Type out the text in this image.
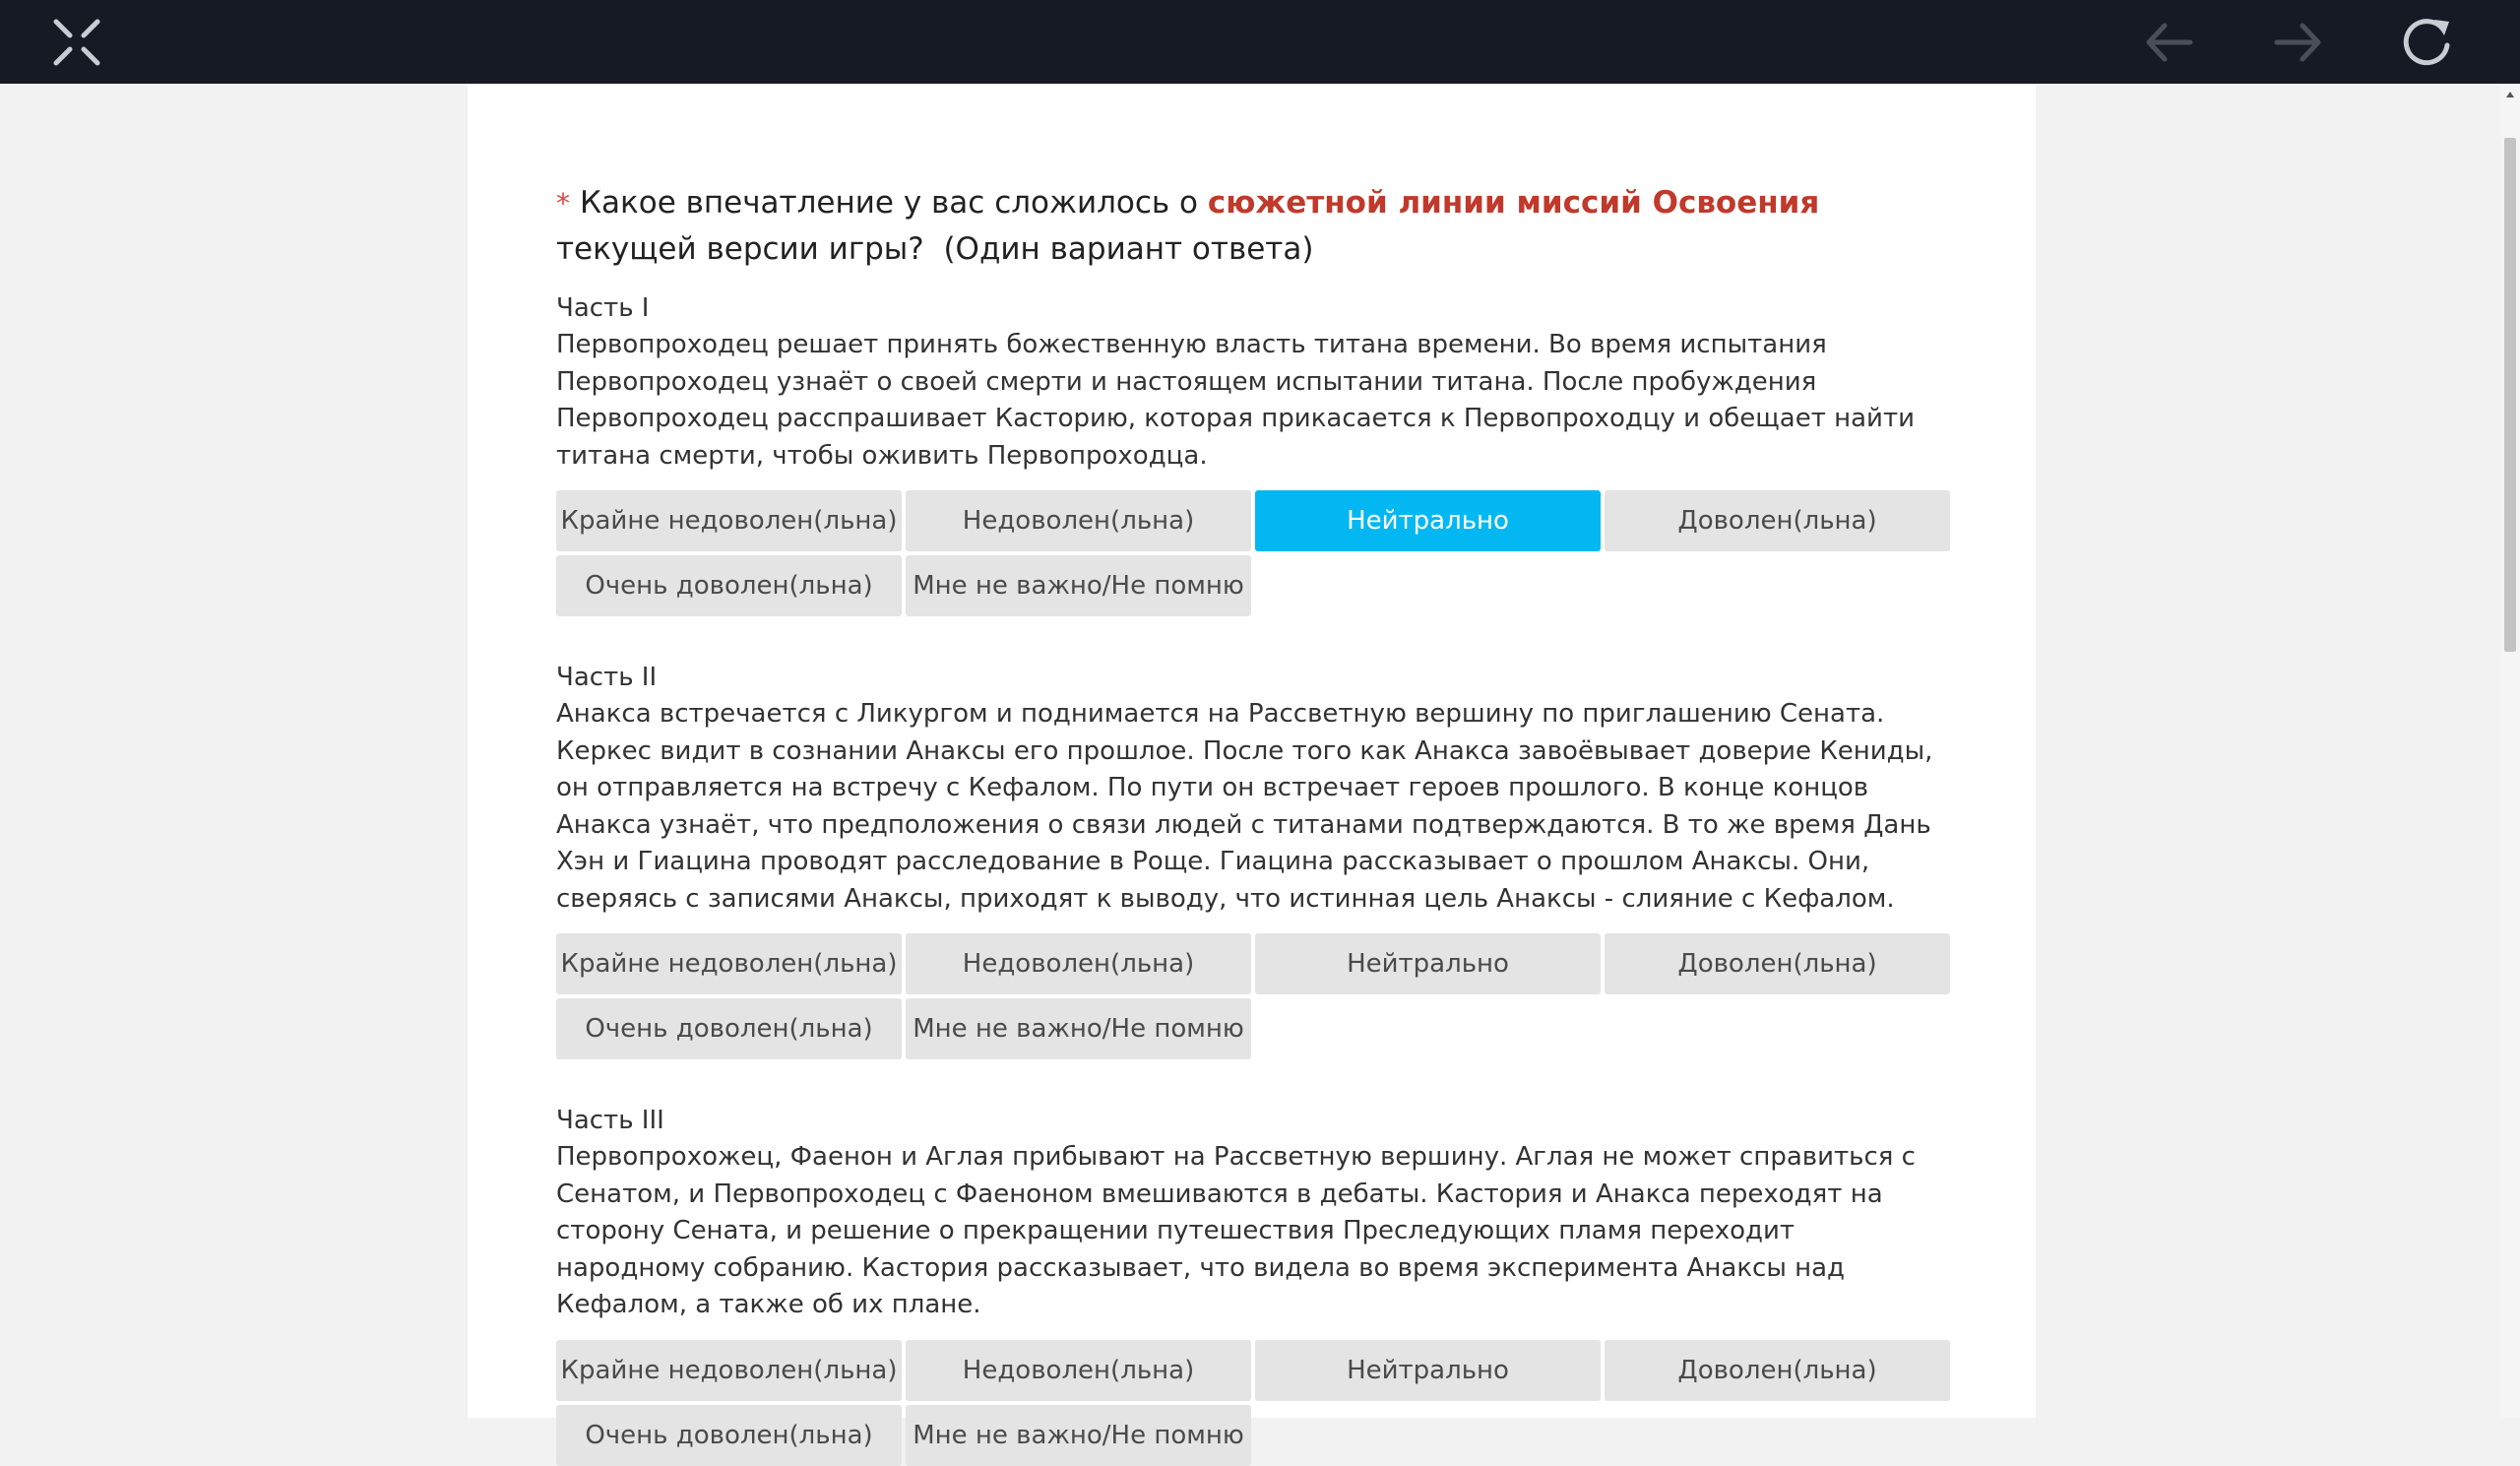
* Какое впечатление у вас сложилось о сюжетной линии миссий Освоения текущей версии игры? (Один вариант ответа)

Часть I
Первопроходец решает принять божественную власть титана времени. Во время испытания Первопроходец узнаёт о своей смерти и настоящем испытании титана. После пробуждения Первопроходец расспрашивает Касторию, которая прикасается к Первопроходцу и обещает найти титана смерти, чтобы оживить Первопроходца.
Крайне недоволен(льна)	Недоволен(льна)	Нейтрально	Доволен(льна)
Очень доволен(льна)	Мне не важно/Не помню
Часть II
Анакса встречается с Ликургом и поднимается на Рассветную вершину по приглашению Сената. Керкес видит в сознании Анаксы его прошлое. После того как Анакса завоёвывает доверие Кениды, он отправляется на встречу с Кефалом. По пути он встречает героев прошлого. В конце концов Анакса узнаёт, что предположения о связи людей с титанами подтверждаются. В то же время Дань Хэн и Гиацина проводят расследование в Роще. Гиацина рассказывает о прошлом Анаксы. Они, сверяясь с записями Анаксы, приходят к выводу, что истинная цель Анаксы - слияние с Кефалом.
Крайне недоволен(льна)	Недоволен(льна)	Нейтрально	Доволен(льна)
Очень доволен(льна)	Мне не важно/Не помню
Часть III
Первопрохожец, Фаенон и Аглая прибывают на Рассветную вершину. Аглая не может справиться с Сенатом, и Первопроходец с Фаеноном вмешиваются в дебаты. Кастория и Анакса переходят на сторону Сената, и решение о прекращении путешествия Преследующих пламя переходит народному собранию. Кастория рассказывает, что видела во время эксперимента Анаксы над Кефалом, а также об их плане.
Крайне недоволен(льна)	Недоволен(льна)	Нейтрально	Доволен(льна)
Очень доволен(льна)	Мне не важно/Не помню
